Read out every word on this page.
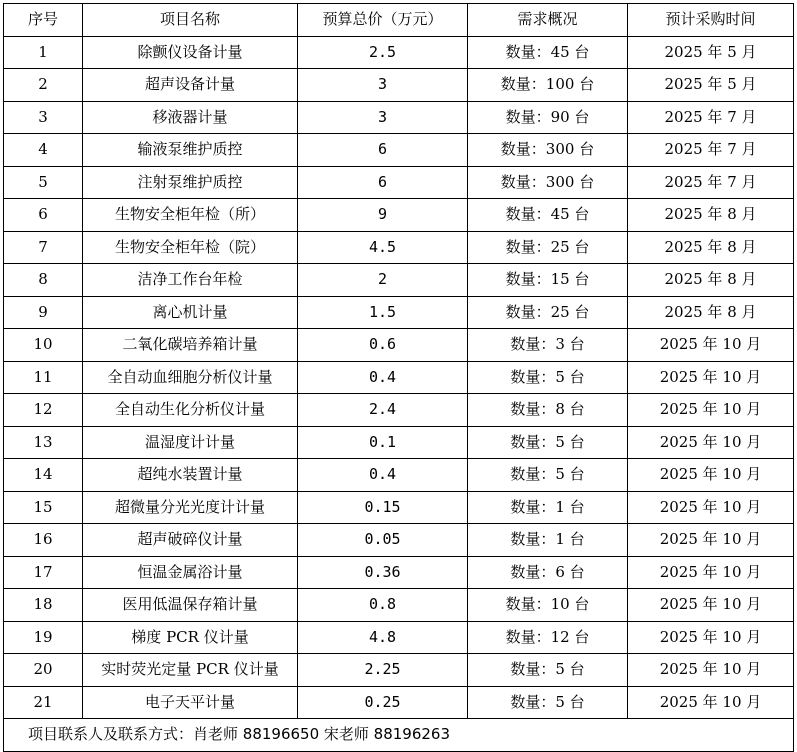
序号	项目名称	预算总价（万元）	需求概况	预计采购时间
1	除颤仪设备计量	2.5	数量：45 台	2025 年 5 月
2	超声设备计量	3	数量：100 台	2025 年 5 月
3	移液器计量	3	数量：90 台	2025 年 7 月
4	输液泵维护质控	6	数量：300 台	2025 年 7 月
5	注射泵维护质控	6	数量：300 台	2025 年 7 月
6	生物安全柜年检（所）	9	数量：45 台	2025 年 8 月
7	生物安全柜年检（院）	4.5	数量：25 台	2025 年 8 月
8	洁净工作台年检	2	数量：15 台	2025 年 8 月
9	离心机计量	1.5	数量：25 台	2025 年 8 月
10	二氧化碳培养箱计量	0.6	数量：3 台	2025 年 10 月
11	全自动血细胞分析仪计量	0.4	数量：5 台	2025 年 10 月
12	全自动生化分析仪计量	2.4	数量：8 台	2025 年 10 月
13	温湿度计计量	0.1	数量：5 台	2025 年 10 月
14	超纯水装置计量	0.4	数量：5 台	2025 年 10 月
15	超微量分光光度计计量	0.15	数量：1 台	2025 年 10 月
16	超声破碎仪计量	0.05	数量：1 台	2025 年 10 月
17	恒温金属浴计量	0.36	数量：6 台	2025 年 10 月
18	医用低温保存箱计量	0.8	数量：10 台	2025 年 10 月
19	梯度 PCR 仪计量	4.8	数量：12 台	2025 年 10 月
20	实时荧光定量 PCR 仪计量	2.25	数量：5 台	2025 年 10 月
21	电子天平计量	0.25	数量：5 台	2025 年 10 月
项目联系人及联系方式：肖老师 88196650 宋老师 88196263				
